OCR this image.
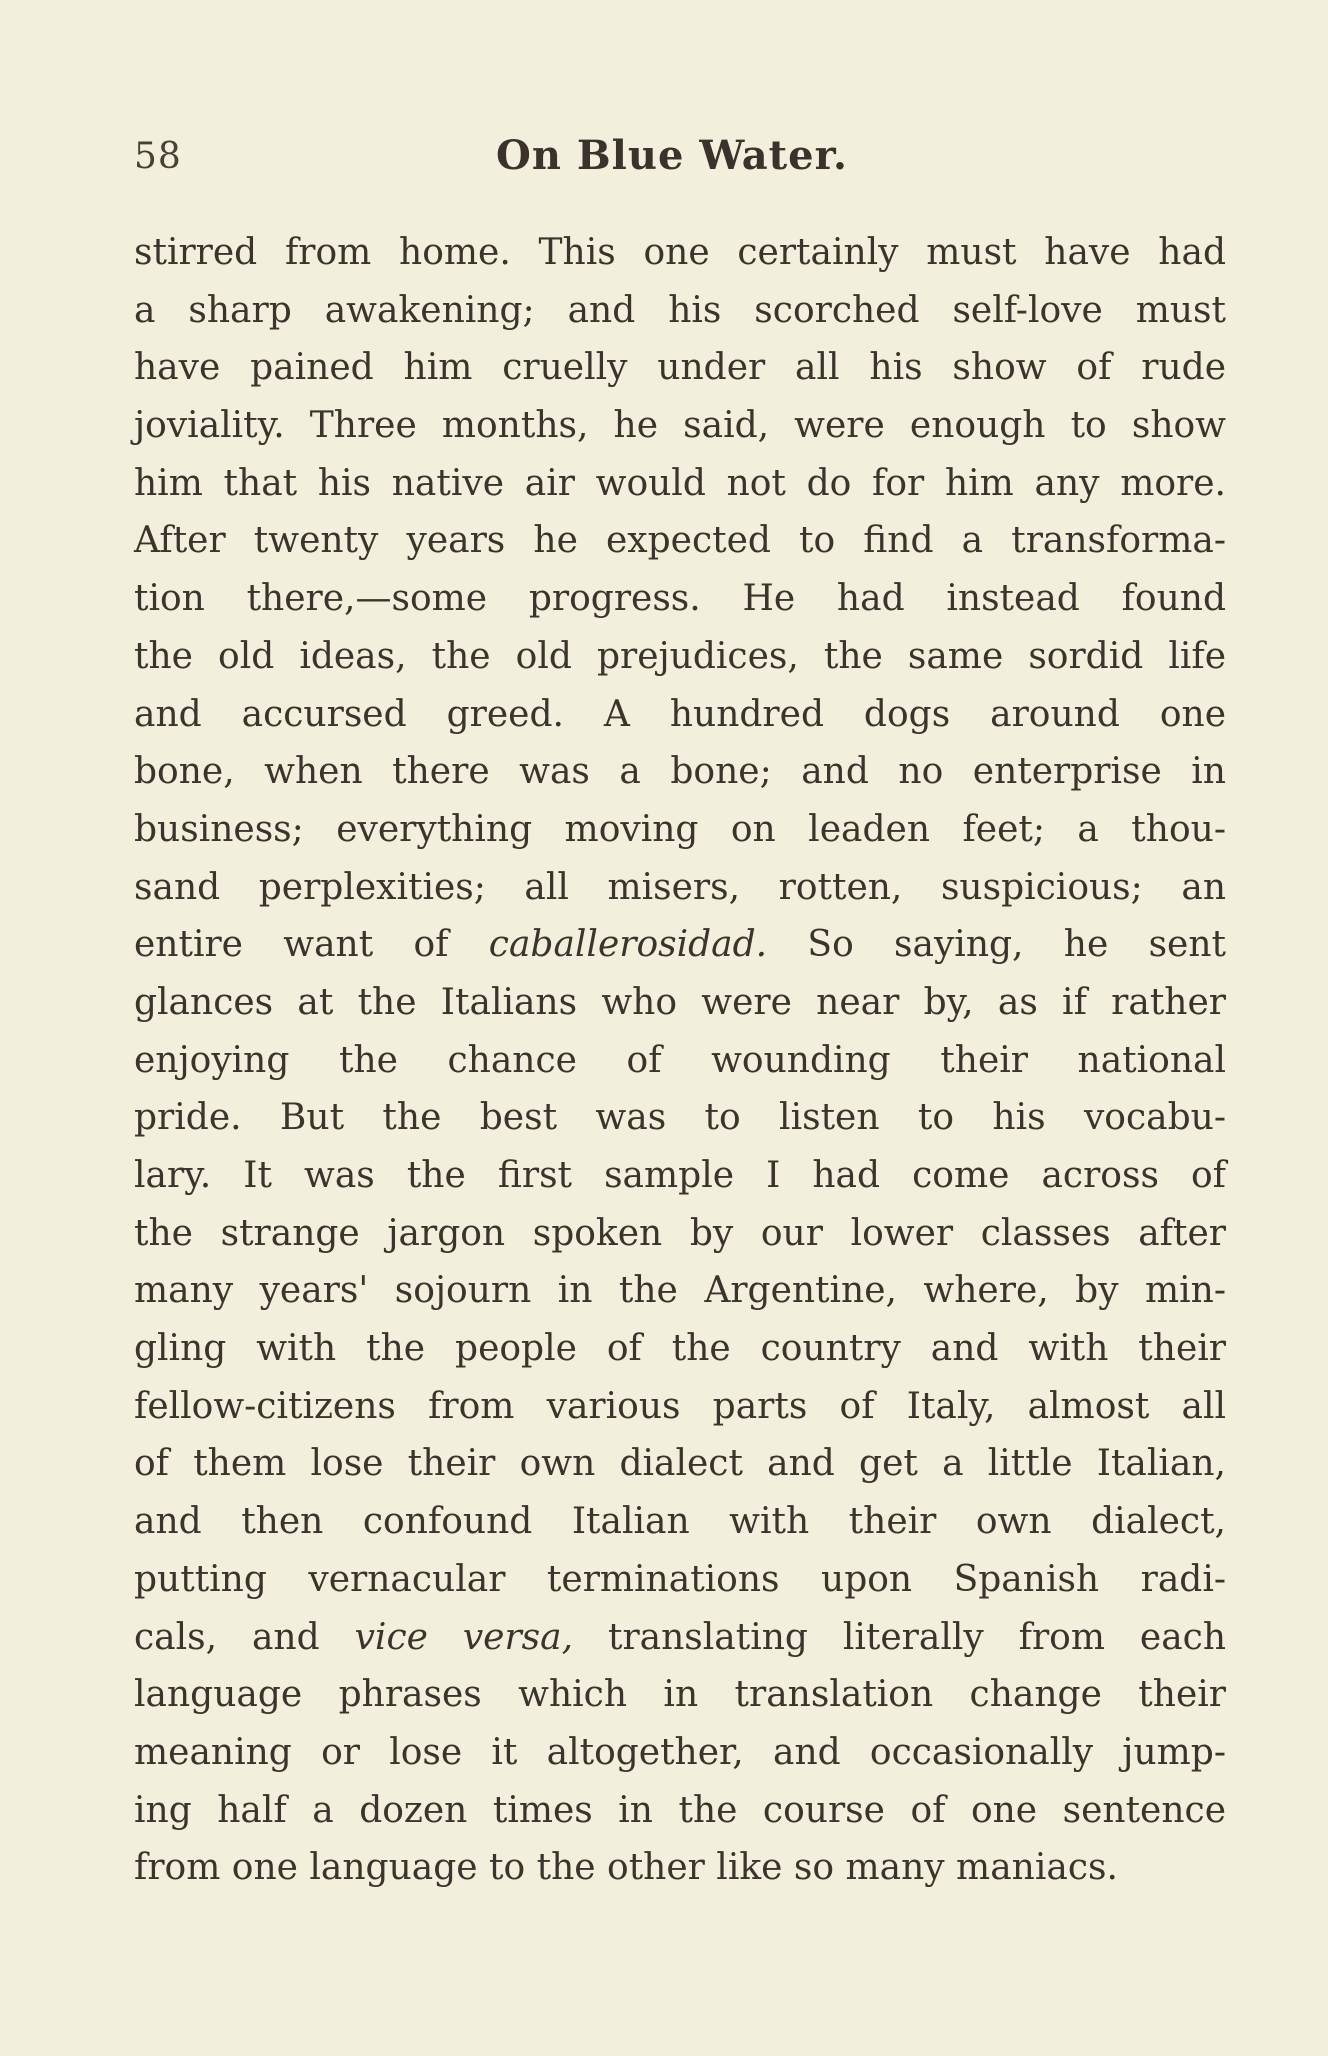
58	On Blue Water.
stirred from home. This one certainly must have had
a sharp awakening; and his scorched self-love must
have pained him cruelly under all his show of rude
joviality. Three months, he said, were enough to show
him that his native air would not do for him any more.
After twenty years he expected to find a transforma-
tion there,—some progress. He had instead found
the old ideas, the old prejudices, the same sordid life
and accursed greed. A hundred dogs around one
bone, when there was a bone; and no enterprise in
business; everything moving on leaden feet; a thou-
sand perplexities; all misers, rotten, suspicious; an
entire want of caballerosidad. So saying, he sent
glances at the Italians who were near by, as if rather
enjoying the chance of wounding their national
pride. But the best was to listen to his vocabu-
lary. It was the first sample I had come across of
the strange jargon spoken by our lower classes after
many years' sojourn in the Argentine, where, by min-
gling with the people of the country and with their
fellow-citizens from various parts of Italy, almost all
of them lose their own dialect and get a little Italian,
and then confound Italian with their own dialect,
putting vernacular terminations upon Spanish radi-
cals, and vice versa, translating literally from each
language phrases which in translation change their
meaning or lose it altogether, and occasionally jump-
ing half a dozen times in the course of one sentence
from one language to the other like so many maniacs.
